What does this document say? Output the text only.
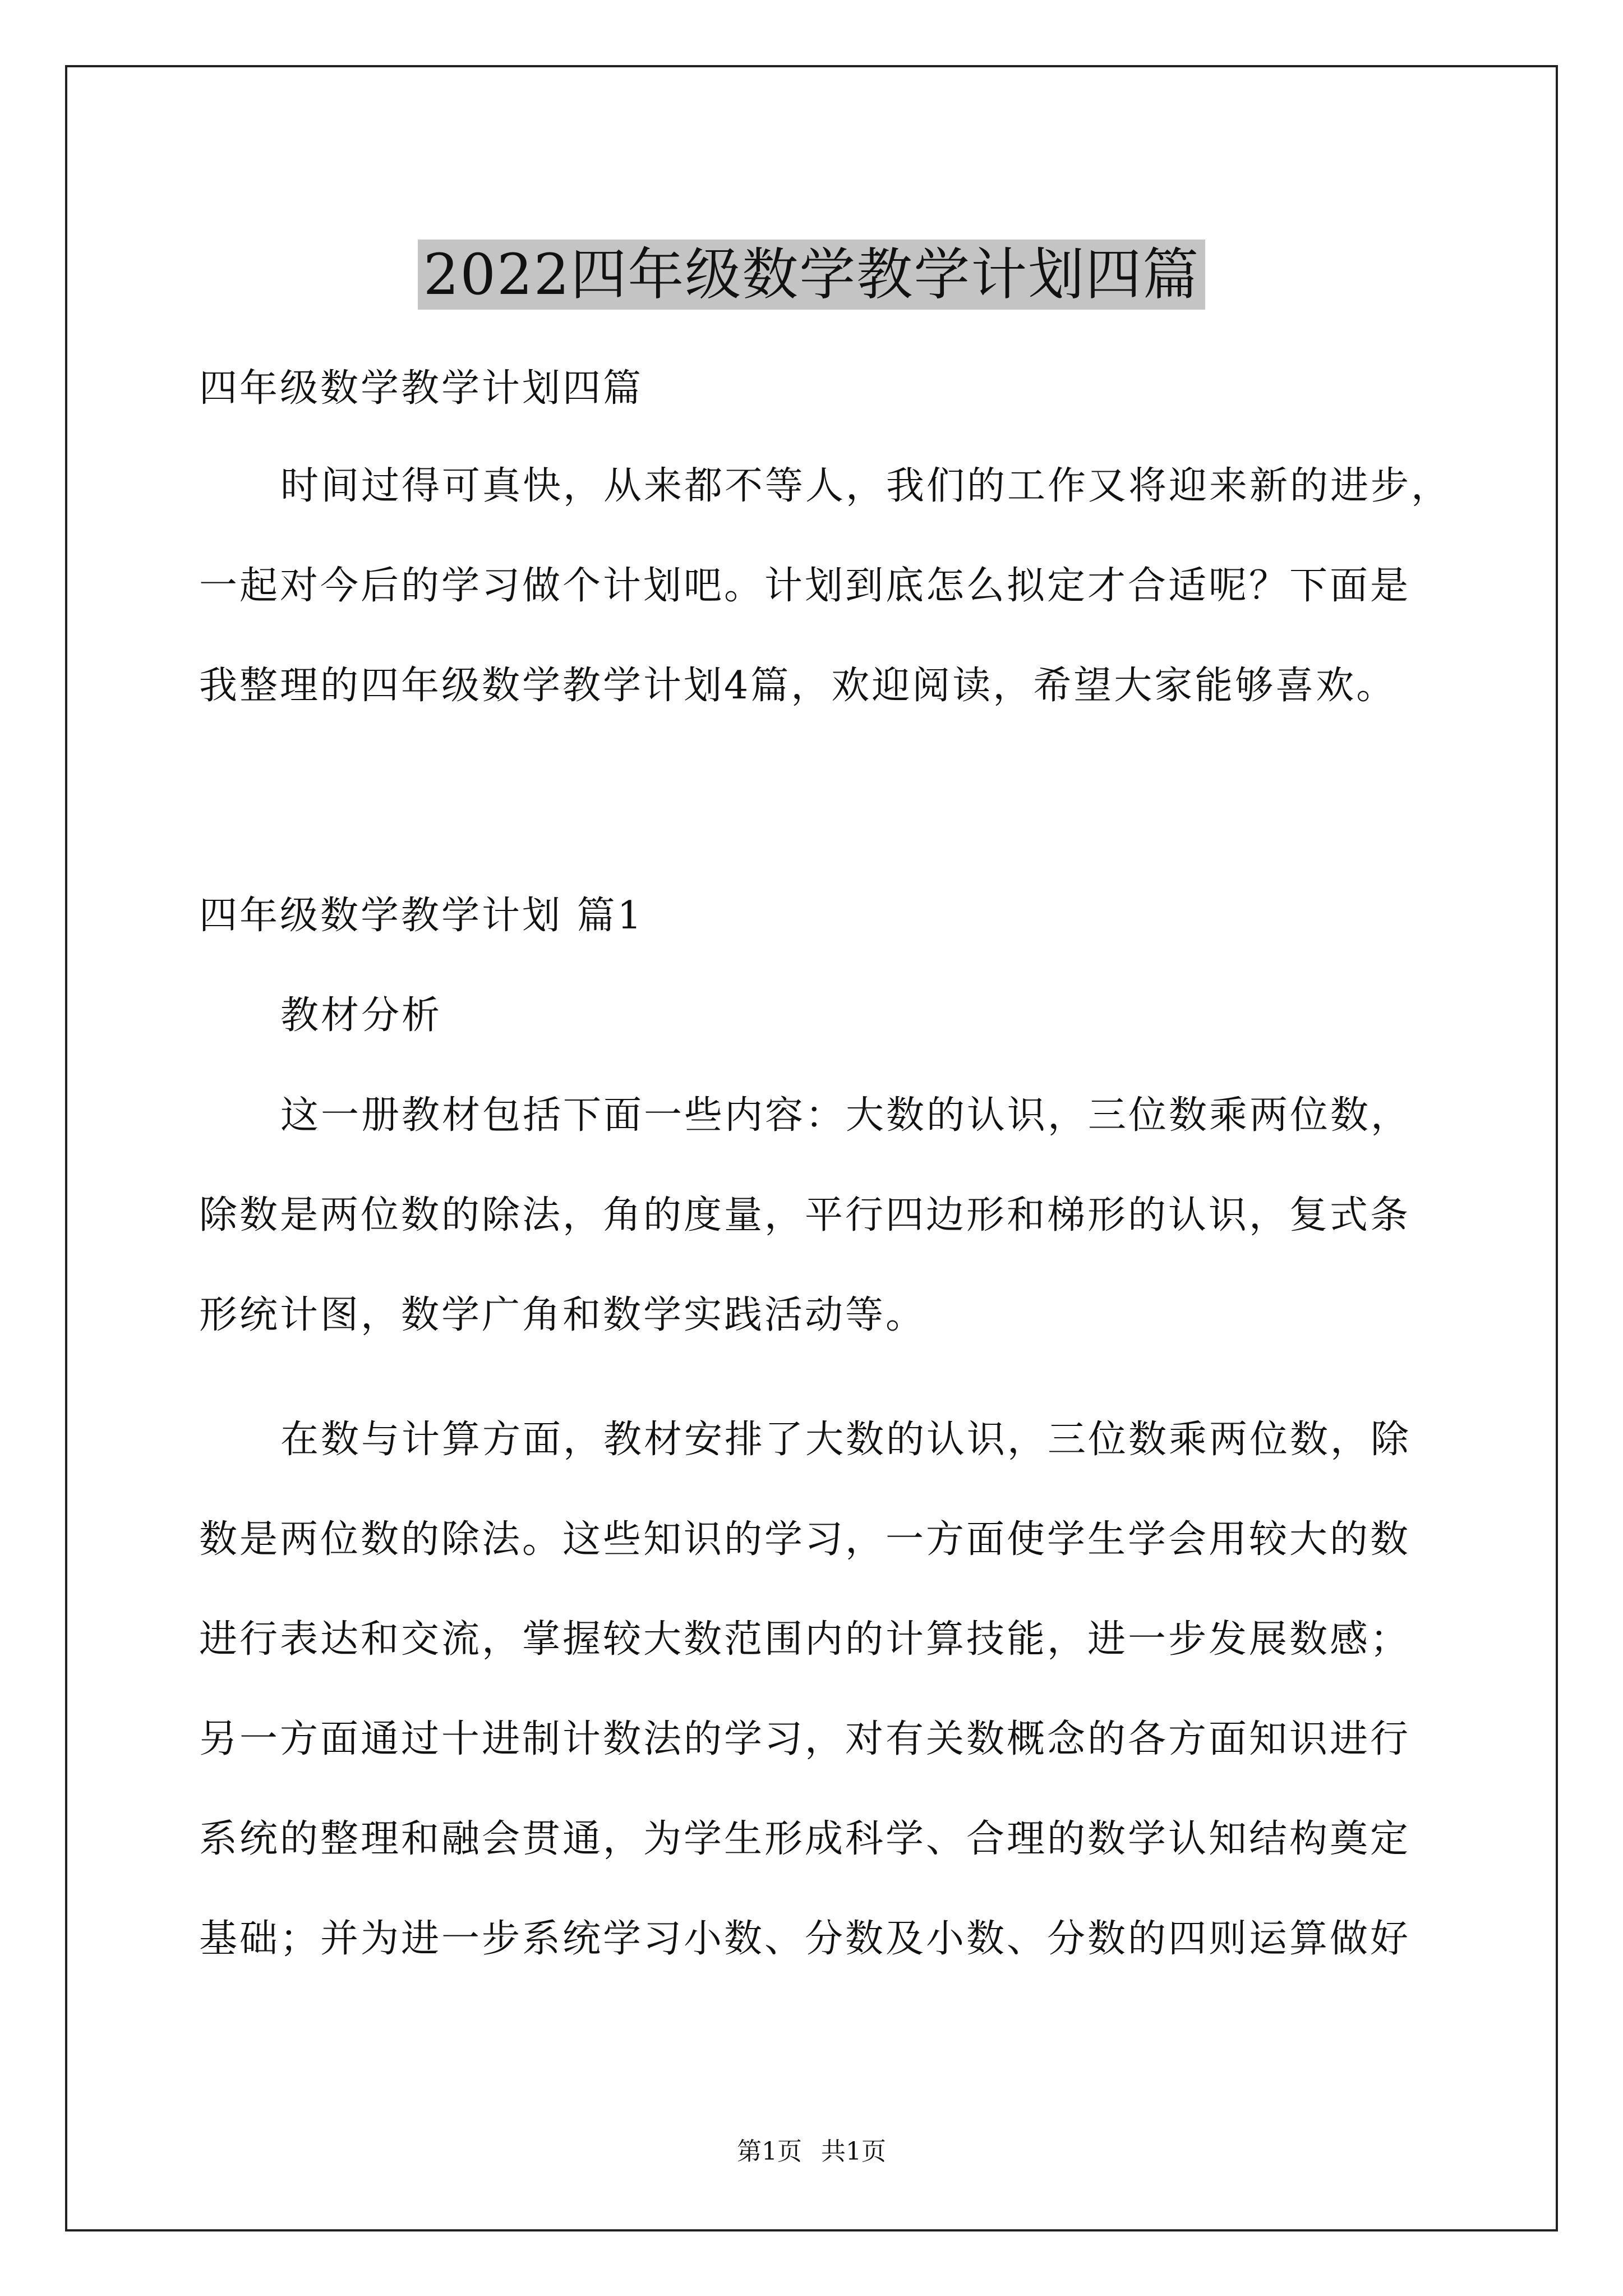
2022四年级数学教学计划四篇
四年级数学教学计划四篇
时间过得可真快，从来都不等人，我们的工作又将迎来新的进步，
一起对今后的学习做个计划吧。计划到底怎么拟定才合适呢？下面是
我整理的四年级数学教学计划4篇，欢迎阅读，希望大家能够喜欢。
四年级数学教学计划 篇1
教材分析
这一册教材包括下面一些内容：大数的认识，三位数乘两位数，
除数是两位数的除法，角的度量，平行四边形和梯形的认识，复式条
形统计图，数学广角和数学实践活动等。
在数与计算方面，教材安排了大数的认识，三位数乘两位数，除
数是两位数的除法。这些知识的学习，一方面使学生学会用较大的数
进行表达和交流，掌握较大数范围内的计算技能，进一步发展数感；
另一方面通过十进制计数法的学习，对有关数概念的各方面知识进行
系统的整理和融会贯通，为学生形成科学、合理的数学认知结构奠定
基础；并为进一步系统学习小数、分数及小数、分数的四则运算做好
第1页 共1页
